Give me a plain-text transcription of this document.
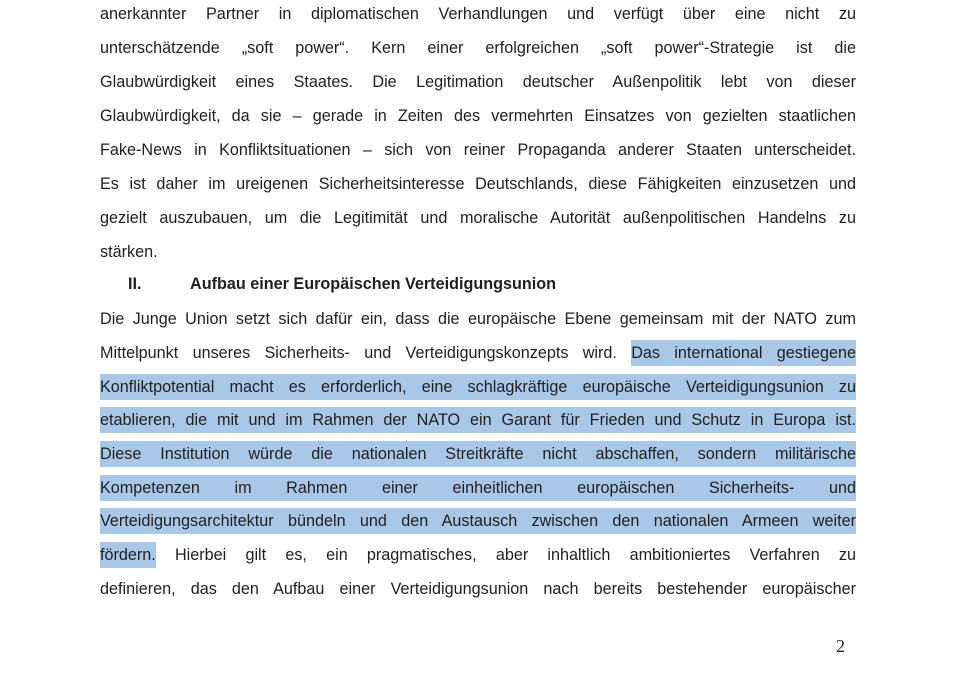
anerkannter Partner in diplomatischen Verhandlungen und verfügt über eine nicht zu
unterschätzende „soft power“. Kern einer erfolgreichen „soft power“-Strategie ist die
Glaubwürdigkeit eines Staates. Die Legitimation deutscher Außenpolitik lebt von dieser
Glaubwürdigkeit, da sie – gerade in Zeiten des vermehrten Einsatzes von gezielten staatlichen
Fake-News in Konfliktsituationen – sich von reiner Propaganda anderer Staaten unterscheidet.
Es ist daher im ureigenen Sicherheitsinteresse Deutschlands, diese Fähigkeiten einzusetzen und
gezielt auszubauen, um die Legitimität und moralische Autorität außenpolitischen Handelns zu
stärken.
II.	Aufbau einer Europäischen Verteidigungsunion
Die Junge Union setzt sich dafür ein, dass die europäische Ebene gemeinsam mit der NATO zum
Mittelpunkt unseres Sicherheits- und Verteidigungskonzepts wird. Das international gestiegene
Konfliktpotential macht es erforderlich, eine schlagkräftige europäische Verteidigungsunion zu
etablieren, die mit und im Rahmen der NATO ein Garant für Frieden und Schutz in Europa ist.
Diese Institution würde die nationalen Streitkräfte nicht abschaffen, sondern militärische
Kompetenzen im Rahmen einer einheitlichen europäischen Sicherheits- und
Verteidigungsarchitektur bündeln und den Austausch zwischen den nationalen Armeen weiter
fördern. Hierbei gilt es, ein pragmatisches, aber inhaltlich ambitioniertes Verfahren zu
definieren, das den Aufbau einer Verteidigungsunion nach bereits bestehender europäischer
2
